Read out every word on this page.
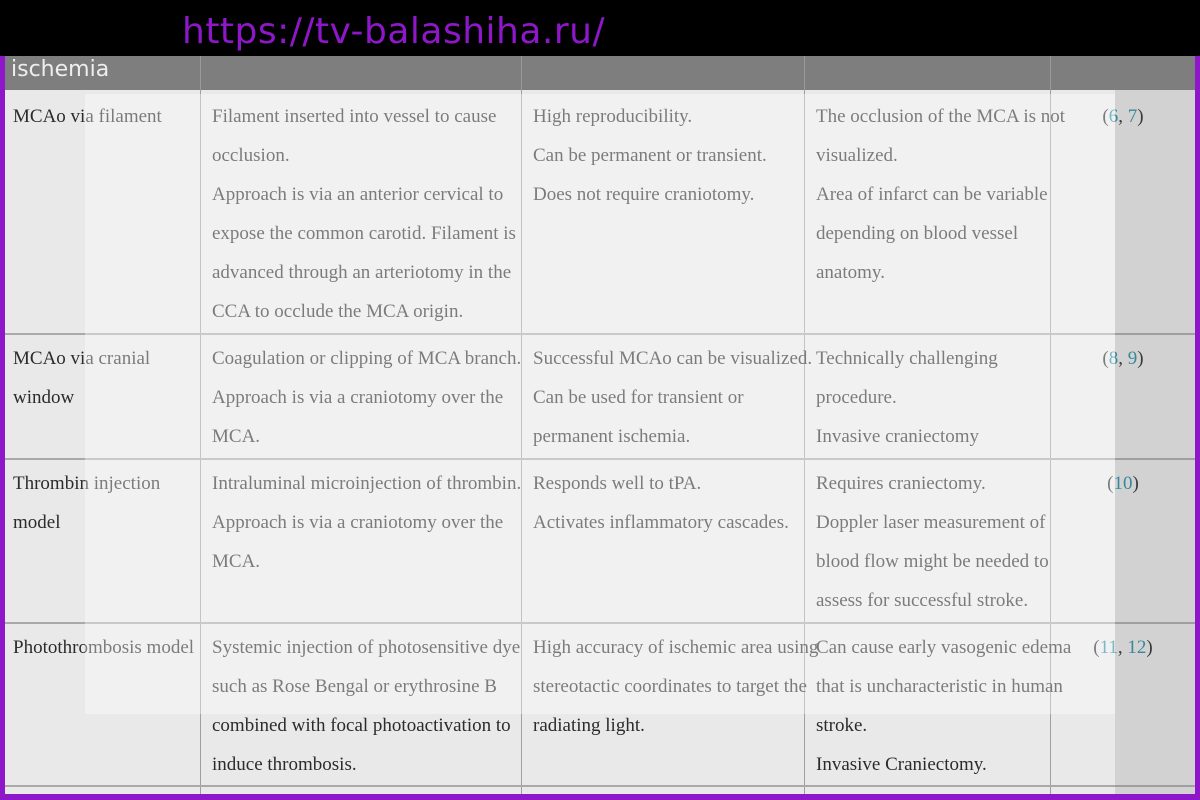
https://tv-balashiha.ru/
ischemia
MCAo via filament	Filament inserted into vessel to cause
occlusion.
Approach is via an anterior cervical to
expose the common carotid. Filament is
advanced through an arteriotomy in the
CCA to occlude the MCA origin.
High reproducibility.
Can be permanent or transient.
Does not require craniotomy.
The occlusion of the MCA is not
visualized.
Area of infarct can be variable
depending on blood vessel
anatomy.
(6, 7)
MCAo via cranial
window
Coagulation or clipping of MCA branch.
Approach is via a craniotomy over the
MCA.
Successful MCAo can be visualized.
Can be used for transient or
permanent ischemia.
Technically challenging
procedure.
Invasive craniectomy
(8, 9)
Thrombin injection
model
Intraluminal microinjection of thrombin.
Approach is via a craniotomy over the
MCA.
Responds well to tPA.
Activates inflammatory cascades.
Requires craniectomy.
Doppler laser measurement of
blood flow might be needed to
assess for successful stroke.
(10)
Photothrombosis model Systemic injection of photosensitive dye
such as Rose Bengal or erythrosine B
combined with focal photoactivation to
induce thrombosis.
High accuracy of ischemic area using
stereotactic coordinates to target the
radiating light.
Can cause early vasogenic edema
that is uncharacteristic in human
stroke.
Invasive Craniectomy.
(11, 12)
